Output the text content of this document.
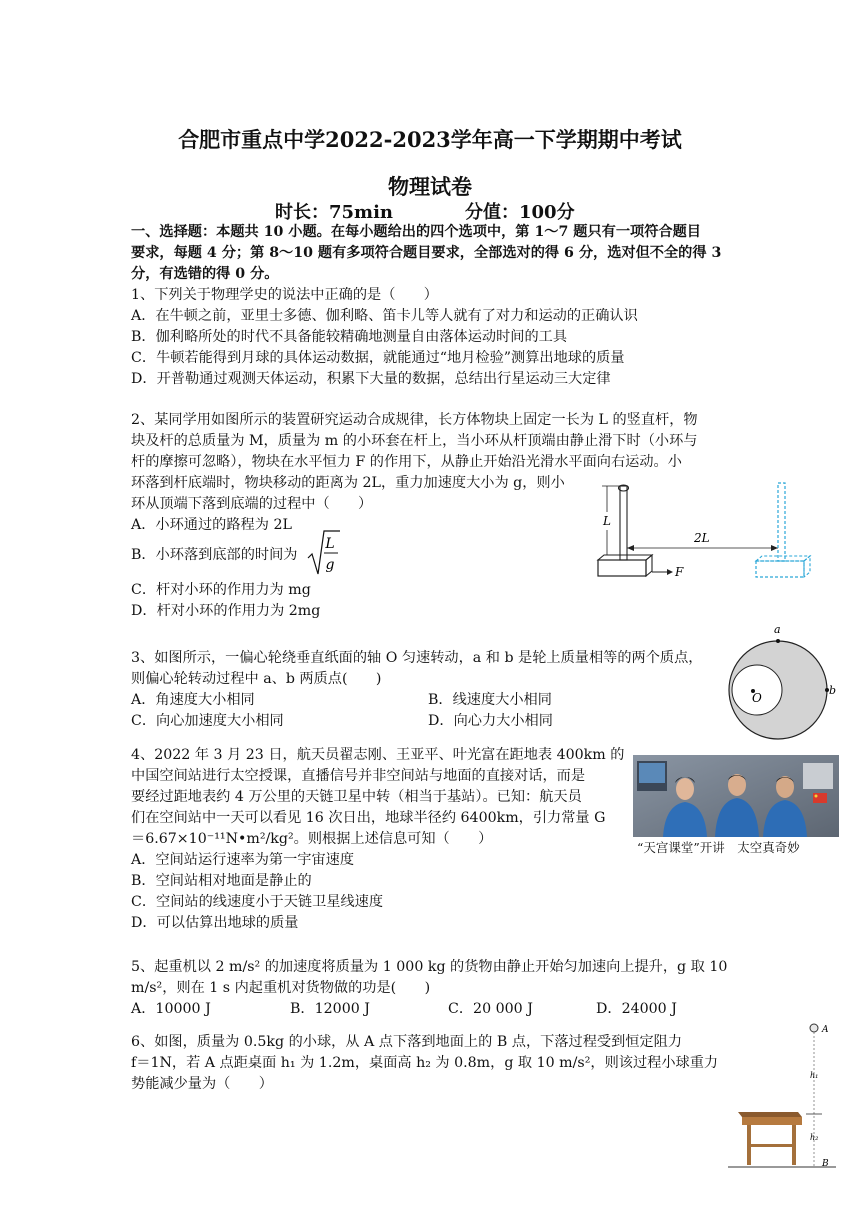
合肥市重点中学2022-2023学年高一下学期期中考试
物理试卷
时长：75min	分值：100分
一、选择题：本题共 10 小题。在每小题给出的四个选项中，第 1～7 题只有一项符合题目
要求，每题 4 分；第 8～10 题有多项符合题目要求，全部选对的得 6 分，选对但不全的得 3
分，有选错的得 0 分。
1、下列关于物理学史的说法中正确的是（　　）
A．在牛顿之前，亚里士多德、伽利略、笛卡儿等人就有了对力和运动的正确认识
B．伽利略所处的时代不具备能较精确地测量自由落体运动时间的工具
C．牛顿若能得到月球的具体运动数据，就能通过“地月检验”测算出地球的质量
D．开普勒通过观测天体运动，积累下大量的数据，总结出行星运动三大定律
2、某同学用如图所示的装置研究运动合成规律，长方体物块上固定一长为 L 的竖直杆，物
块及杆的总质量为 M，质量为 m 的小环套在杆上，当小环从杆顶端由静止滑下时（小环与
杆的摩擦可忽略），物块在水平恒力 F 的作用下，从静止开始沿光滑水平面向右运动。小
环落到杆底端时，物块移动的距离为 2L，重力加速度大小为 g，则小
环从顶端下落到底端的过程中（　　）
A．小环通过的路程为 2L
B．小环落到底部的时间为
L
g
C．杆对小环的作用力为 mg
D．杆对小环的作用力为 2mg
L
2L
F
3、如图所示，一偏心轮绕垂直纸面的轴 O 匀速转动，a 和 b 是轮上质量相等的两个质点，
则偏心轮转动过程中 a、b 两质点(　　)
A．角速度大小相同	B．线速度大小相同
C．向心加速度大小相同	D．向心力大小相同
a
b
O
4、2022 年 3 月 23 日，航天员翟志刚、王亚平、叶光富在距地表 400km 的
中国空间站进行太空授课，直播信号并非空间站与地面的直接对话，而是
要经过距地表约 4 万公里的天链卫星中转（相当于基站）。已知：航天员
们在空间站中一天可以看见 16 次日出，地球半径约 6400km，引力常量 G
＝6.67×10⁻¹¹N•m²/kg²。则根据上述信息可知（　　）
A．空间站运行速率为第一宇宙速度
B．空间站相对地面是静止的
C．空间站的线速度小于天链卫星线速度
D．可以估算出地球的质量
“天宫课堂”开讲　太空真奇妙
5、起重机以 2 m/s² 的加速度将质量为 1 000 kg 的货物由静止开始匀加速向上提升，g 取 10
m/s²，则在 1 s 内起重机对货物做的功是(　　)
A．10000 J	B．12000 J	C．20 000 J	D．24000 J
6、如图，质量为 0.5kg 的小球，从 A 点下落到地面上的 B 点，下落过程受到恒定阻力
f＝1N，若 A 点距桌面 h₁ 为 1.2m，桌面高 h₂ 为 0.8m，g 取 10 m/s²，则该过程小球重力
势能减少量为（　　）
A
h₁
h₂
B
